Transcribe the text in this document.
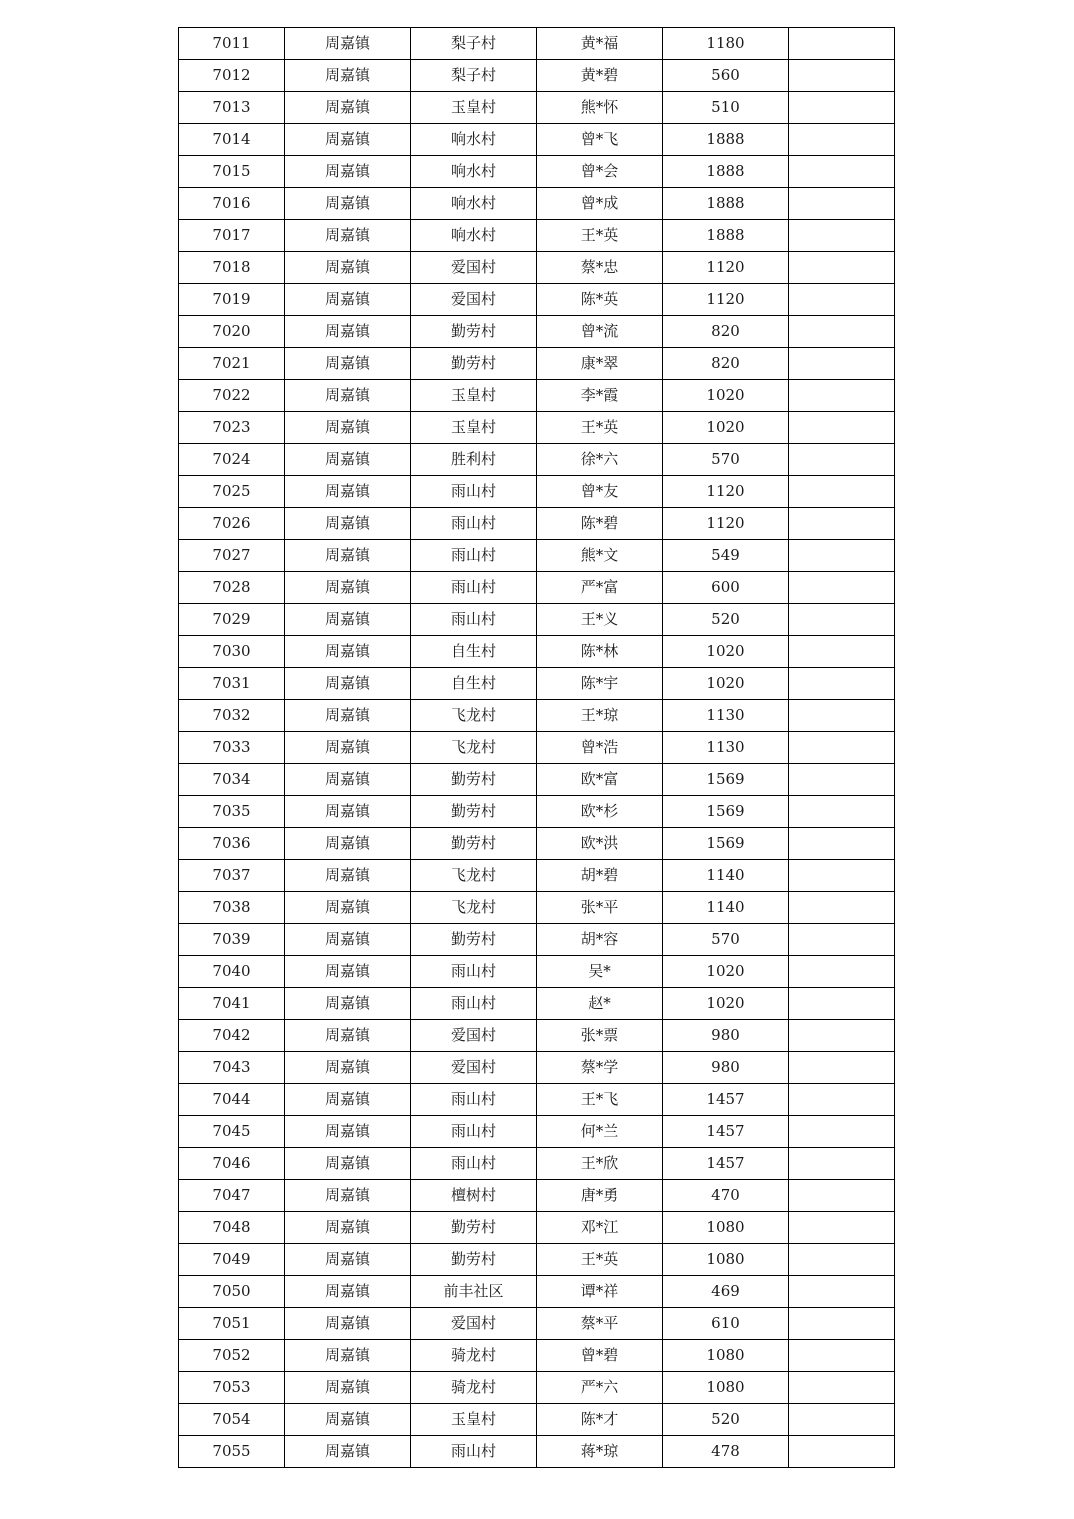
7011	周嘉镇	梨子村	黄*福	1180	
7012	周嘉镇	梨子村	黄*碧	560	
7013	周嘉镇	玉皇村	熊*怀	510	
7014	周嘉镇	响水村	曾*飞	1888	
7015	周嘉镇	响水村	曾*会	1888	
7016	周嘉镇	响水村	曾*成	1888	
7017	周嘉镇	响水村	王*英	1888	
7018	周嘉镇	爱国村	蔡*忠	1120	
7019	周嘉镇	爱国村	陈*英	1120	
7020	周嘉镇	勤劳村	曾*流	820	
7021	周嘉镇	勤劳村	康*翠	820	
7022	周嘉镇	玉皇村	李*霞	1020	
7023	周嘉镇	玉皇村	王*英	1020	
7024	周嘉镇	胜利村	徐*六	570	
7025	周嘉镇	雨山村	曾*友	1120	
7026	周嘉镇	雨山村	陈*碧	1120	
7027	周嘉镇	雨山村	熊*文	549	
7028	周嘉镇	雨山村	严*富	600	
7029	周嘉镇	雨山村	王*义	520	
7030	周嘉镇	自生村	陈*林	1020	
7031	周嘉镇	自生村	陈*宇	1020	
7032	周嘉镇	飞龙村	王*琼	1130	
7033	周嘉镇	飞龙村	曾*浩	1130	
7034	周嘉镇	勤劳村	欧*富	1569	
7035	周嘉镇	勤劳村	欧*杉	1569	
7036	周嘉镇	勤劳村	欧*洪	1569	
7037	周嘉镇	飞龙村	胡*碧	1140	
7038	周嘉镇	飞龙村	张*平	1140	
7039	周嘉镇	勤劳村	胡*容	570	
7040	周嘉镇	雨山村	吴*	1020	
7041	周嘉镇	雨山村	赵*	1020	
7042	周嘉镇	爱国村	张*票	980	
7043	周嘉镇	爱国村	蔡*学	980	
7044	周嘉镇	雨山村	王*飞	1457	
7045	周嘉镇	雨山村	何*兰	1457	
7046	周嘉镇	雨山村	王*欣	1457	
7047	周嘉镇	檀树村	唐*勇	470	
7048	周嘉镇	勤劳村	邓*江	1080	
7049	周嘉镇	勤劳村	王*英	1080	
7050	周嘉镇	前丰社区	谭*祥	469	
7051	周嘉镇	爱国村	蔡*平	610	
7052	周嘉镇	骑龙村	曾*碧	1080	
7053	周嘉镇	骑龙村	严*六	1080	
7054	周嘉镇	玉皇村	陈*才	520	
7055	周嘉镇	雨山村	蒋*琼	478	
